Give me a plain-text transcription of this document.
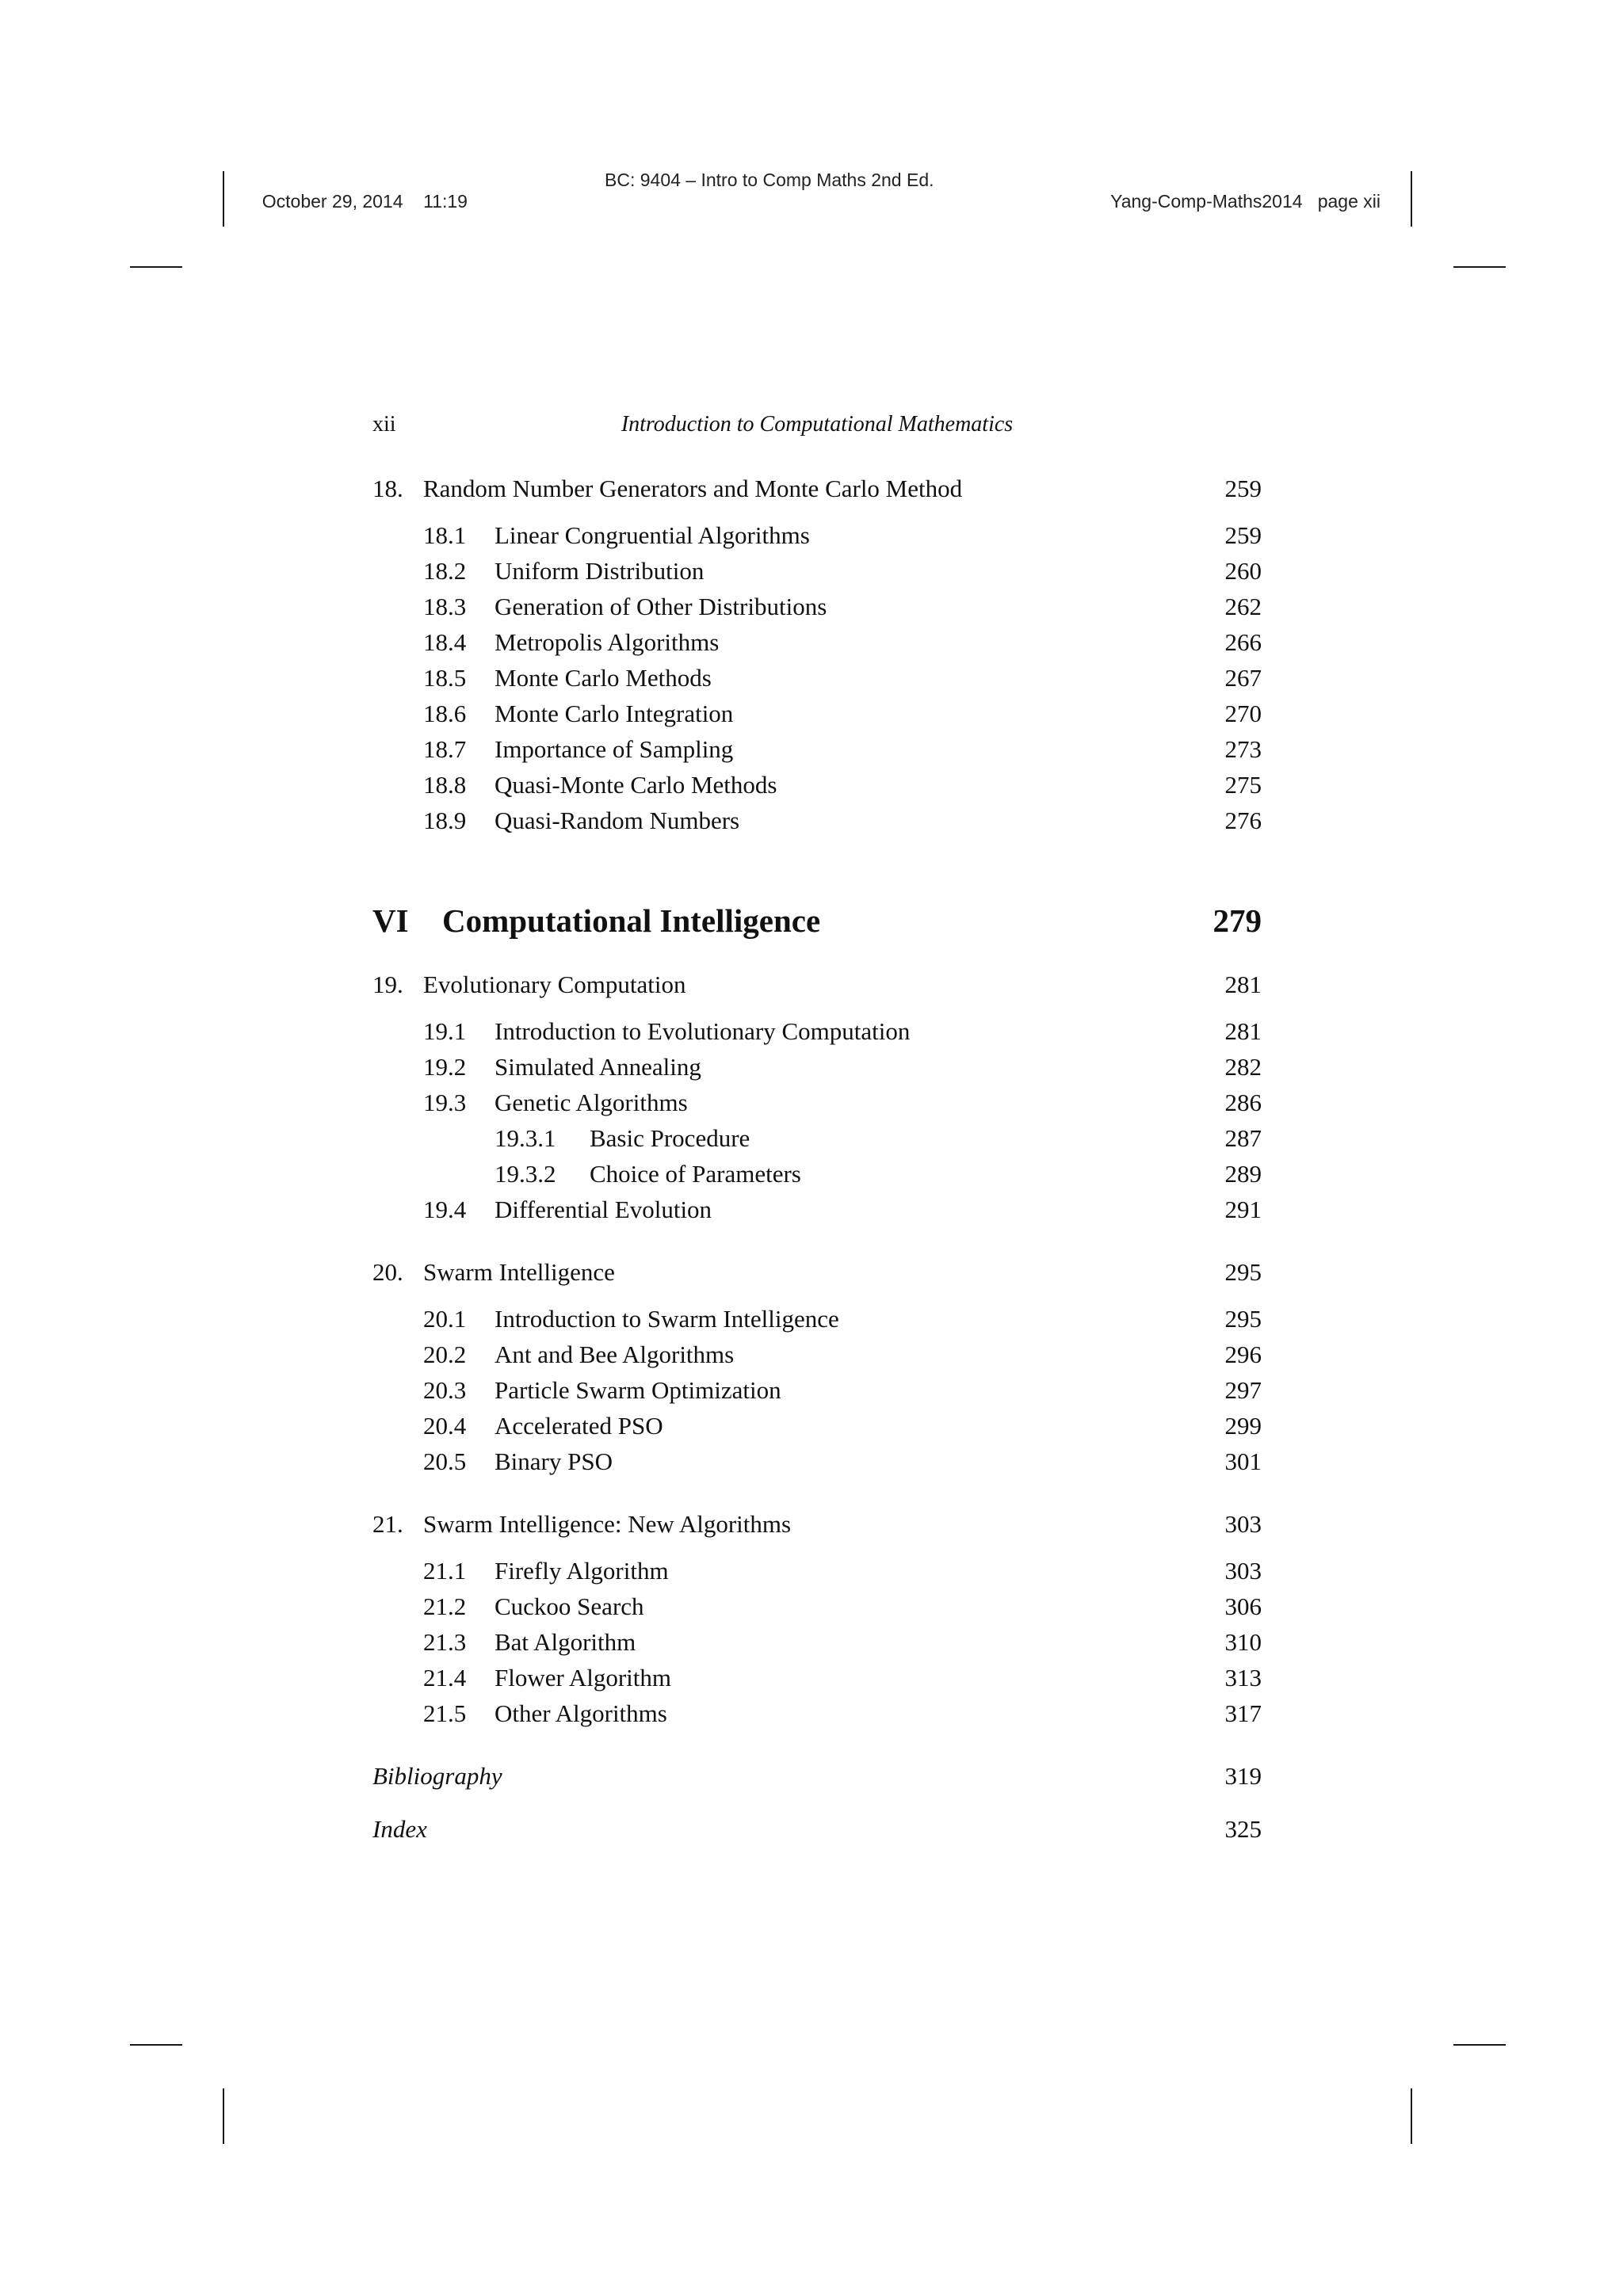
October 29, 2014 11:19

BC: 9404 – Intro to Comp Maths 2nd Ed.

Yang-Comp-Maths2014 page xii

xii	Introduction to Computational Mathematics
18. Random Number Generators and Monte Carlo Method	259
18.1 Linear Congruential Algorithms	259
18.2 Uniform Distribution	260
18.3 Generation of Other Distributions	262
18.4 Metropolis Algorithms	266
18.5 Monte Carlo Methods	267
18.6 Monte Carlo Integration	270
18.7 Importance of Sampling	273
18.8 Quasi-Monte Carlo Methods	275
18.9 Quasi-Random Numbers	276
VI Computational Intelligence	279
19. Evolutionary Computation	281
19.1 Introduction to Evolutionary Computation	281
19.2 Simulated Annealing	282
19.3 Genetic Algorithms	286
19.3.1 Basic Procedure	287
19.3.2 Choice of Parameters	289
19.4 Differential Evolution	291
20. Swarm Intelligence	295
20.1 Introduction to Swarm Intelligence	295
20.2 Ant and Bee Algorithms	296
20.3 Particle Swarm Optimization	297
20.4 Accelerated PSO	299
20.5 Binary PSO	301
21. Swarm Intelligence: New Algorithms	303
21.1 Firefly Algorithm	303
21.2 Cuckoo Search	306
21.3 Bat Algorithm	310
21.4 Flower Algorithm	313
21.5 Other Algorithms	317
Bibliography	319
Index	325
